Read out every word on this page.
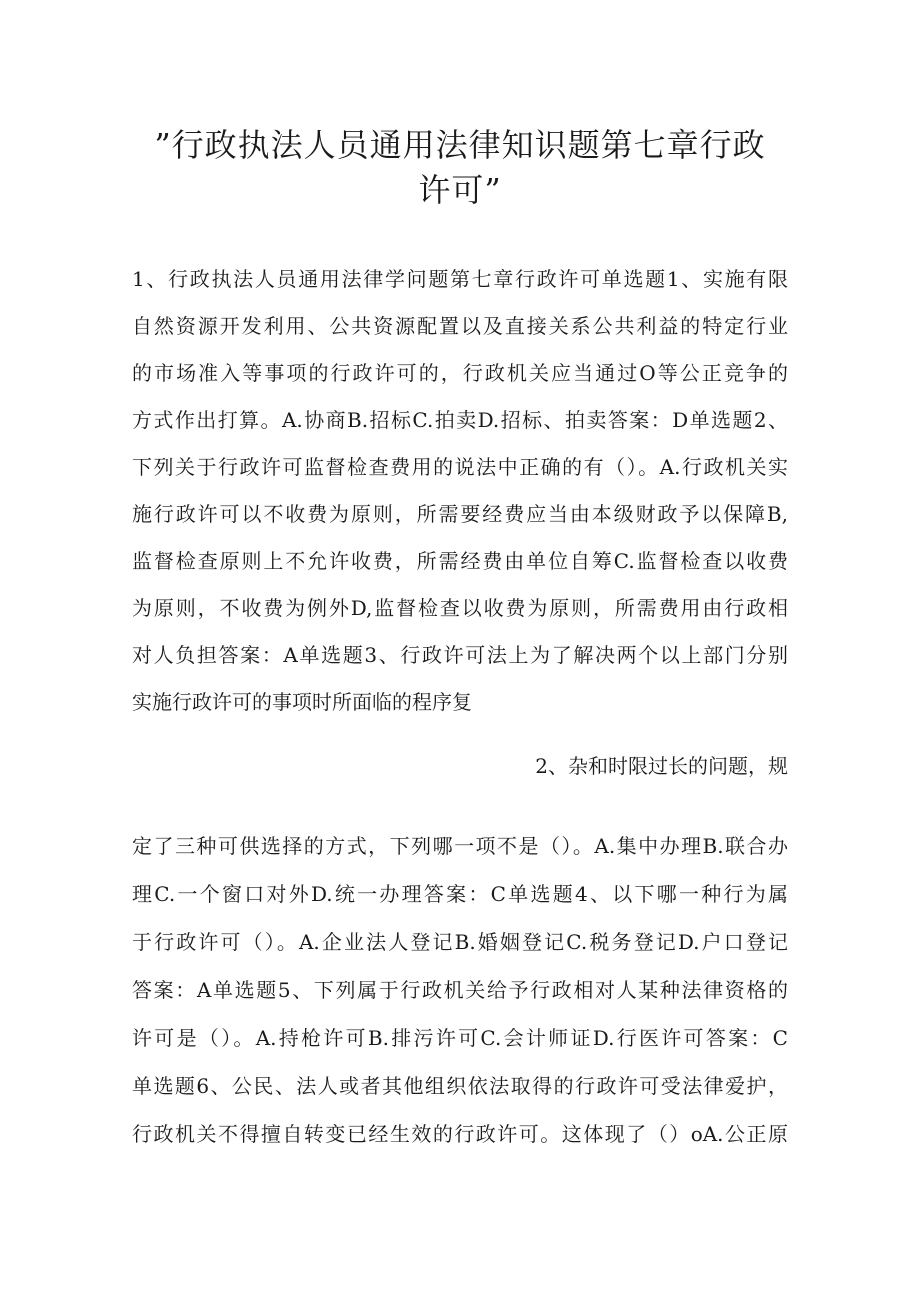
”行政执法人员通用法律知识题第七章行政
许可”

1、行政执法人员通用法律学问题第七章行政许可单选题1、实施有限

自然资源开发利用、公共资源配置以及直接关系公共利益的特定行业

的市场准入等事项的行政许可的，行政机关应当通过O等公正竞争的

方式作出打算。A.协商B.招标C.拍卖D.招标、拍卖答案：D单选题2、

下列关于行政许可监督检查费用的说法中正确的有（）。A.行政机关实

施行政许可以不收费为原则，所需要经费应当由本级财政予以保障B,

监督检查原则上不允许收费，所需经费由单位自筹C.监督检查以收费

为原则，不收费为例外D,监督检查以收费为原则，所需费用由行政相

对人负担答案：A单选题3、行政许可法上为了解决两个以上部门分别

实施行政许可的事项时所面临的程序复

2、杂和时限过长的问题，规

定了三种可供选择的方式，下列哪一项不是（）。A.集中办理B.联合办

理C.一个窗口对外D.统一办理答案：C单选题4、以下哪一种行为属

于行政许可（）。A.企业法人登记B.婚姻登记C.税务登记D.户口登记

答案：A单选题5、下列属于行政机关给予行政相对人某种法律资格的

许可是（）。A.持枪许可B.排污许可C.会计师证D.行医许可答案：C

单选题6、公民、法人或者其他组织依法取得的行政许可受法律爱护，

行政机关不得擅自转变已经生效的行政许可。这体现了（）oA.公正原
